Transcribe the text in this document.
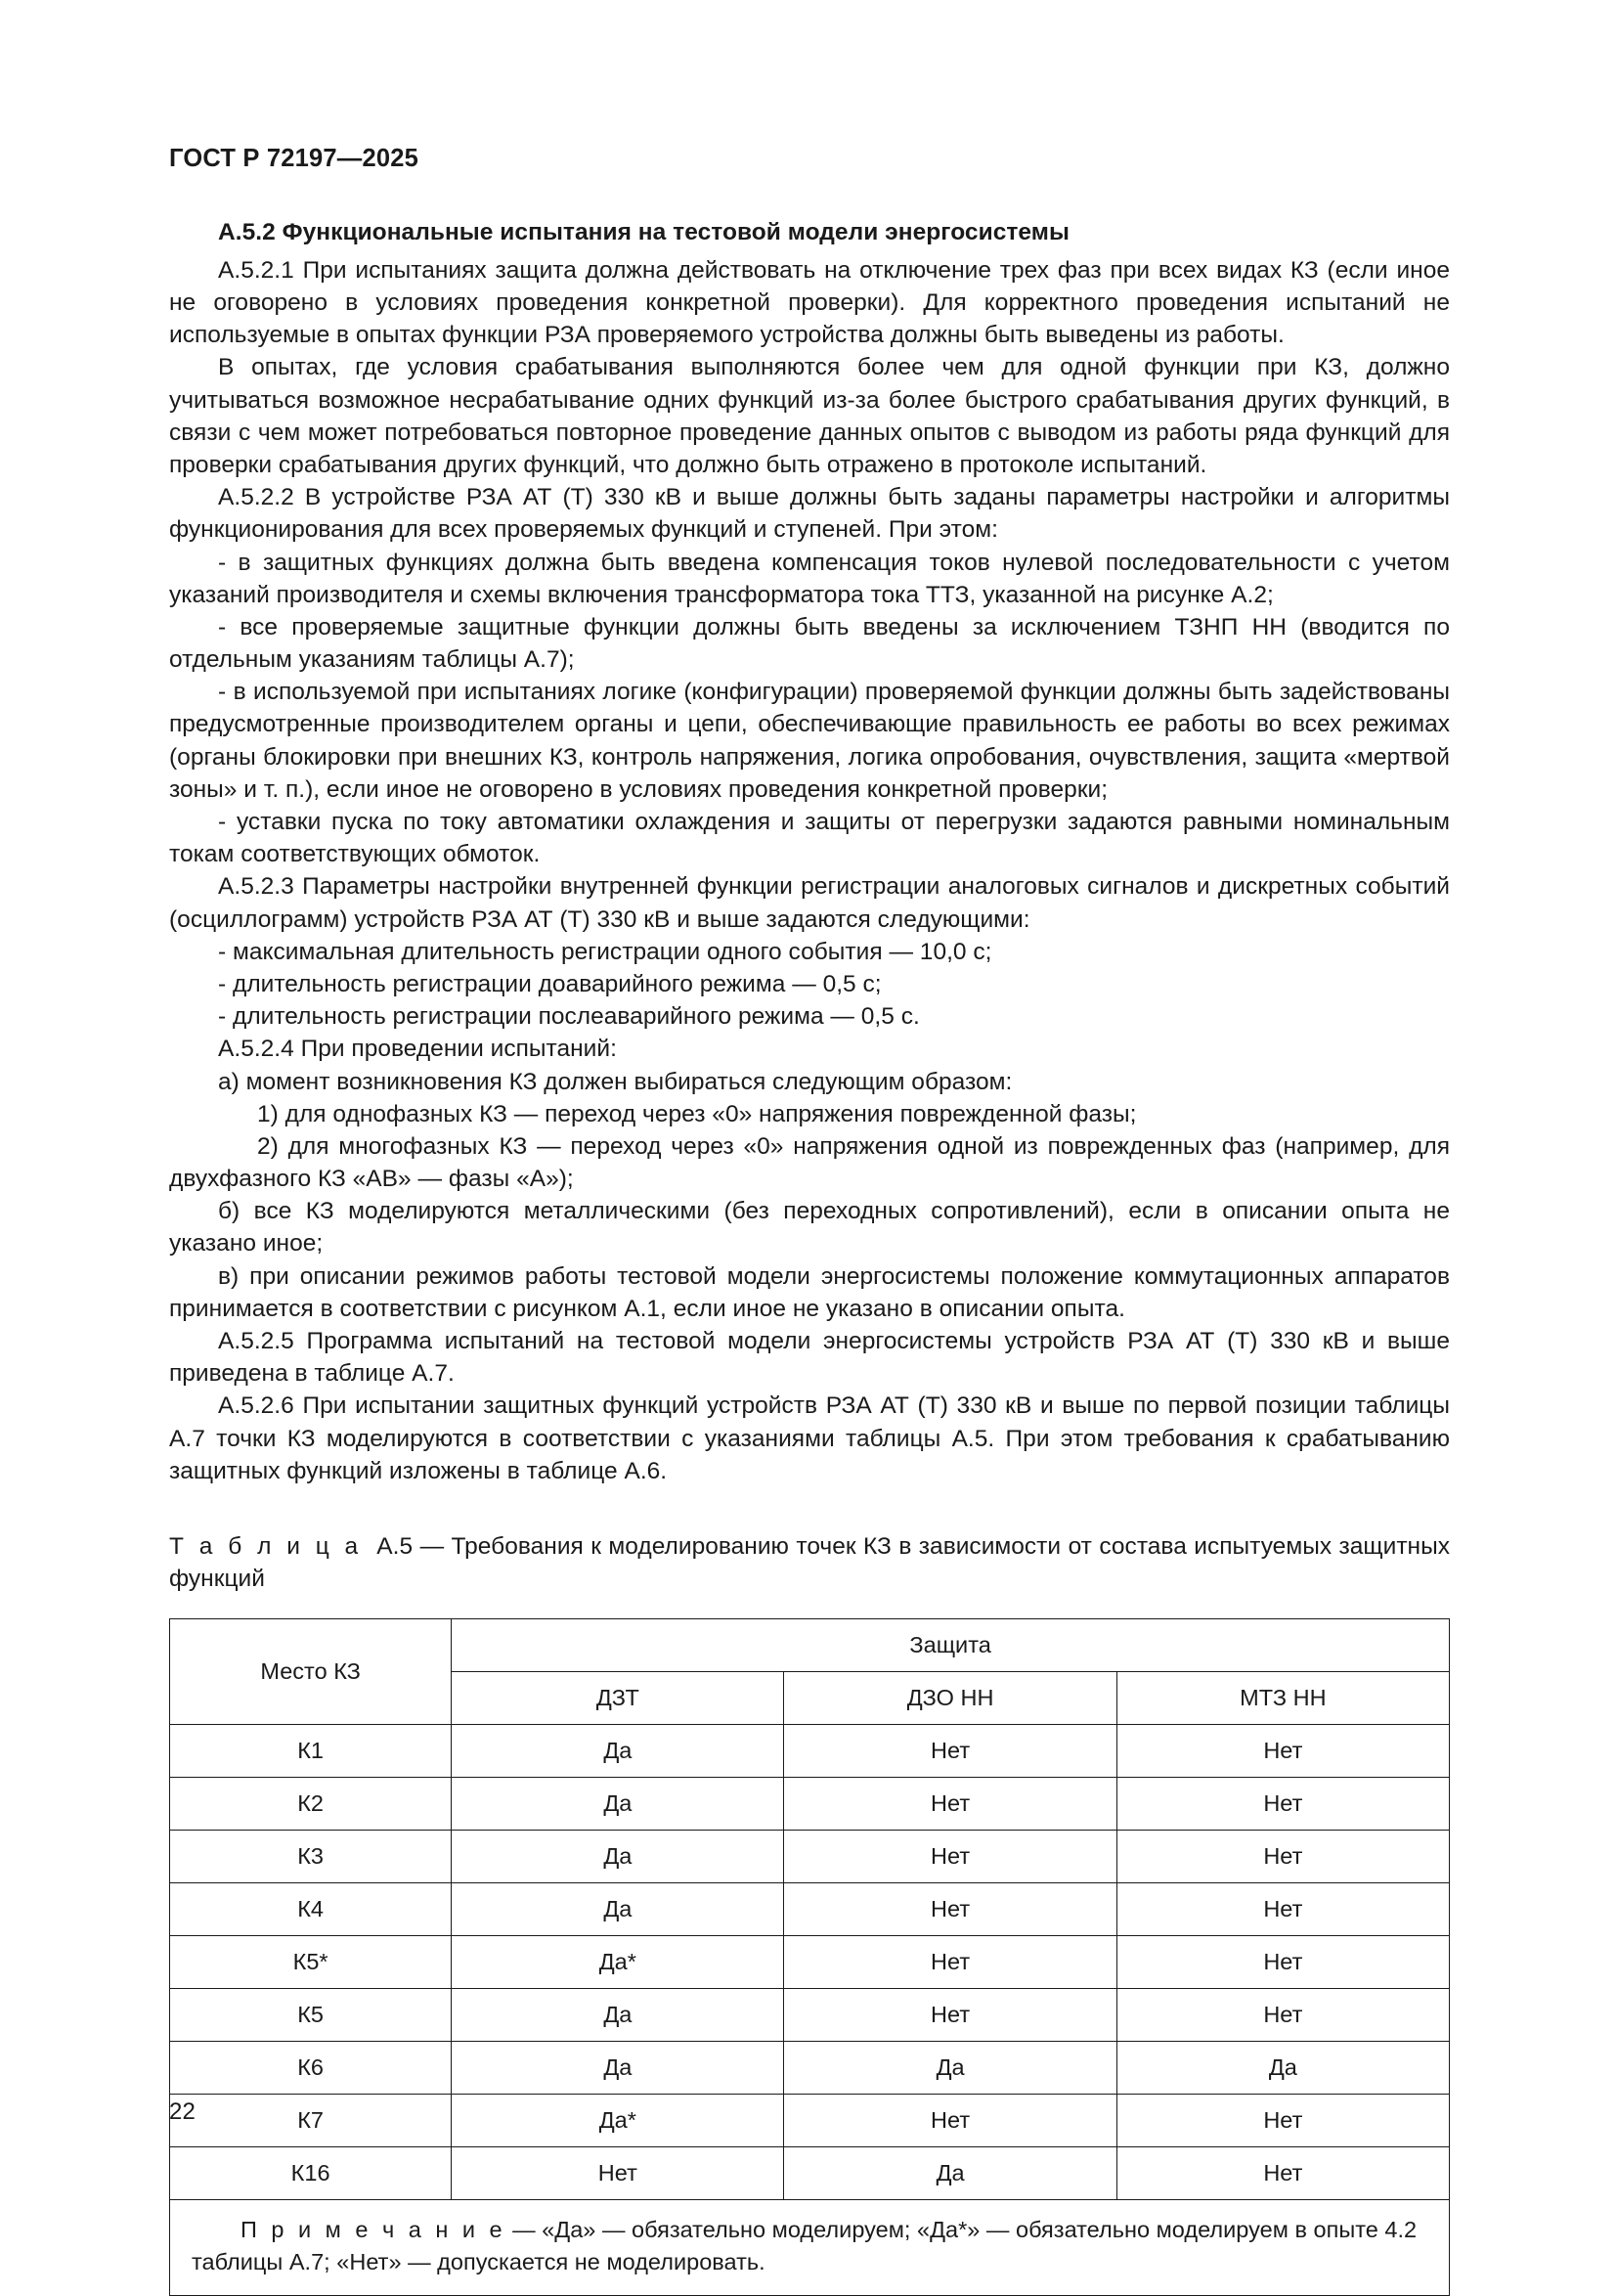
ГОСТ Р 72197—2025
А.5.2 Функциональные испытания на тестовой модели энергосистемы

А.5.2.1 При испытаниях защита должна действовать на отключение трех фаз при всех видах КЗ (если иное не оговорено в условиях проведения конкретной проверки). Для корректного проведения испытаний не используемые в опытах функции РЗА проверяемого устройства должны быть выведены из работы.

В опытах, где условия срабатывания выполняются более чем для одной функции при КЗ, должно учитываться возможное несрабатывание одних функций из-за более быстрого срабатывания других функций, в связи с чем может потребоваться повторное проведение данных опытов с выводом из работы ряда функций для проверки срабатывания других функций, что должно быть отражено в протоколе испытаний.

А.5.2.2 В устройстве РЗА АТ (Т) 330 кВ и выше должны быть заданы параметры настройки и алгоритмы функционирования для всех проверяемых функций и ступеней. При этом:

- в защитных функциях должна быть введена компенсация токов нулевой последовательности с учетом указаний производителя и схемы включения трансформатора тока ТТЗ, указанной на рисунке А.2;

- все проверяемые защитные функции должны быть введены за исключением ТЗНП НН (вводится по отдельным указаниям таблицы А.7);

- в используемой при испытаниях логике (конфигурации) проверяемой функции должны быть задействованы предусмотренные производителем органы и цепи, обеспечивающие правильность ее работы во всех режимах (органы блокировки при внешних КЗ, контроль напряжения, логика опробования, очувствления, защита «мертвой зоны» и т. п.), если иное не оговорено в условиях проведения конкретной проверки;

- уставки пуска по току автоматики охлаждения и защиты от перегрузки задаются равными номинальным токам соответствующих обмоток.

А.5.2.3 Параметры настройки внутренней функции регистрации аналоговых сигналов и дискретных событий (осциллограмм) устройств РЗА АТ (Т) 330 кВ и выше задаются следующими:

- максимальная длительность регистрации одного события — 10,0 с;

- длительность регистрации доаварийного режима — 0,5 с;

- длительность регистрации послеаварийного режима — 0,5 с.

А.5.2.4 При проведении испытаний:

а) момент возникновения КЗ должен выбираться следующим образом:

1) для однофазных КЗ — переход через «0» напряжения поврежденной фазы;

2) для многофазных КЗ — переход через «0» напряжения одной из поврежденных фаз (например, для двухфазного КЗ «АВ» — фазы «А»);

б) все КЗ моделируются металлическими (без переходных сопротивлений), если в описании опыта не указано иное;

в) при описании режимов работы тестовой модели энергосистемы положение коммутационных аппаратов принимается в соответствии с рисунком А.1, если иное не указано в описании опыта.

А.5.2.5 Программа испытаний на тестовой модели энергосистемы устройств РЗА АТ (Т) 330 кВ и выше приведена в таблице А.7.

А.5.2.6 При испытании защитных функций устройств РЗА АТ (Т) 330 кВ и выше по первой позиции таблицы А.7 точки КЗ моделируются в соответствии с указаниями таблицы А.5. При этом требования к срабатыванию защитных функций изложены в таблице А.6.

Т а б л и ц а А.5 — Требования к моделированию точек КЗ в зависимости от состава испытуемых защитных функций

Место КЗ	Защита		
	ДЗТ	ДЗО НН	МТЗ НН
К1	Да	Нет	Нет
К2	Да	Нет	Нет
К3	Да	Нет	Нет
К4	Да	Нет	Нет
К5*	Да*	Нет	Нет
К5	Да	Нет	Нет
К6	Да	Да	Да
К7	Да*	Нет	Нет
К16	Нет	Да	Нет
П р и м е ч а н и е — «Да» — обязательно моделируем; «Да*» — обязательно моделируем в опыте 4.2 таблицы А.7; «Нет» — допускается не моделировать.			
22
